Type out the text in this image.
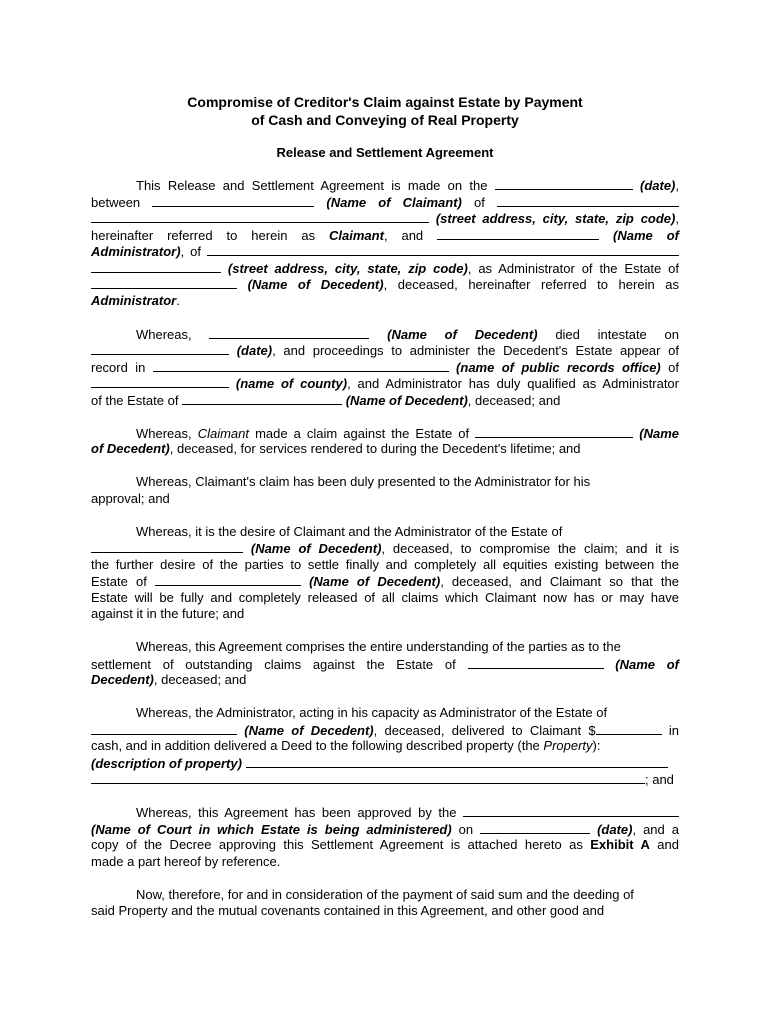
Compromise of Creditor's Claim against Estate by Payment
of Cash and Conveying of Real Property
Release and Settlement Agreement
This Release and Settlement Agreement is made on the	(date),
between	(Name of Claimant) of
(street address, city, state, zip code),
hereinafter referred to herein as Claimant, and	(Name of
Administrator), of
(street address, city, state, zip code), as Administrator of the Estate of
(Name of Decedent), deceased, hereinafter referred to herein as
Administrator.
Whereas,	(Name of Decedent) died intestate on
(date), and proceedings to administer the Decedent's Estate appear of
record in	(name of public records office) of
(name of county), and Administrator has duly qualified as Administrator
of the Estate of	(Name of Decedent), deceased; and
Whereas, Claimant made a claim against the Estate of	(Name
of Decedent), deceased, for services rendered to during the Decedent's lifetime; and
Whereas, Claimant's claim has been duly presented to the Administrator for his
approval; and
Whereas, it is the desire of Claimant and the Administrator of the Estate of
(Name of Decedent), deceased, to compromise the claim; and it is
the further desire of the parties to settle finally and completely all equities existing between the
Estate of	(Name of Decedent), deceased, and Claimant so that the
Estate will be fully and completely released of all claims which Claimant now has or may have
against it in the future; and
Whereas, this Agreement comprises the entire understanding of the parties as to the
settlement of outstanding claims against the Estate of	(Name of
Decedent), deceased; and
Whereas, the Administrator, acting in his capacity as Administrator of the Estate of
(Name of Decedent), deceased, delivered to Claimant $	in
cash, and in addition delivered a Deed to the following described property (the Property):
(description of property)
; and
Whereas, this Agreement has been approved by the
(Name of Court in which Estate is being administered) on	(date), and a
copy of the Decree approving this Settlement Agreement is attached hereto as Exhibit A and
made a part hereof by reference.
Now, therefore, for and in consideration of the payment of said sum and the deeding of
said Property and the mutual covenants contained in this Agreement, and other good and
